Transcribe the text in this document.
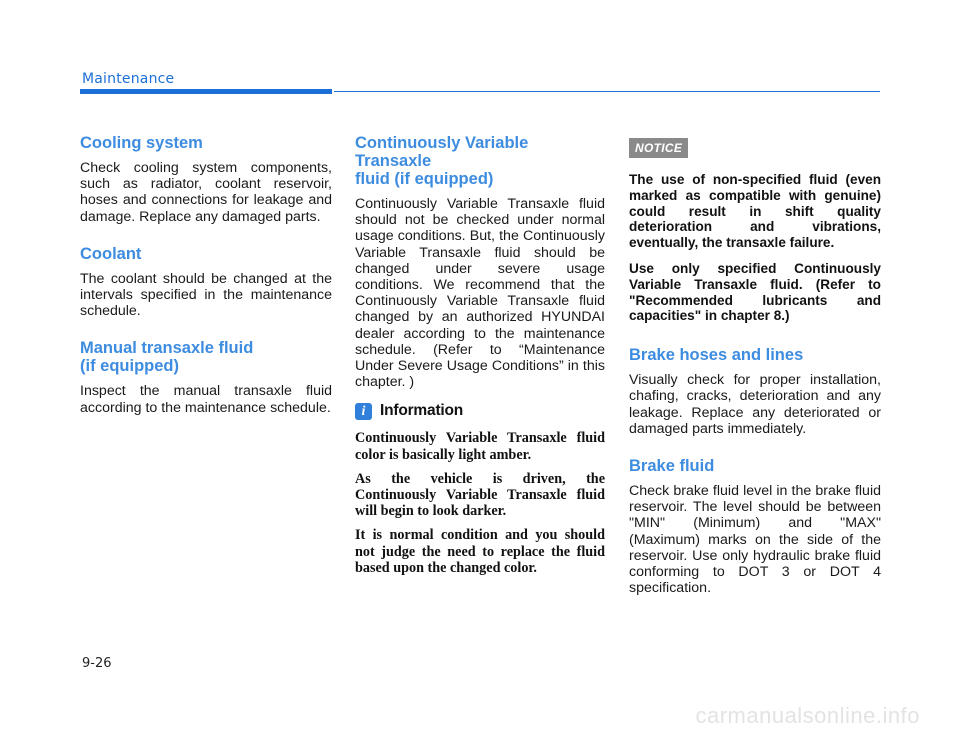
Maintenance
Cooling system

Check cooling system components, such as radiator, coolant reservoir, hoses and connections for leakage and damage. Replace any damaged parts.

Coolant

The coolant should be changed at the intervals specified in the maintenance schedule.

Manual transaxle fluid
(if equipped)

Inspect the manual transaxle fluid according to the maintenance schedule.

Continuously Variable Transaxle
fluid (if equipped)

Continuously Variable Transaxle fluid should not be checked under normal usage conditions. But, the Continuously Variable Transaxle fluid should be changed under severe usage conditions. We recommend that the Continuously Variable Transaxle fluid changed by an authorized HYUNDAI dealer according to the maintenance schedule. (Refer to “Maintenance Under Severe Usage Conditions” in this chapter. )

i Information

Continuously Variable Transaxle fluid color is basically light amber.

As the vehicle is driven, the Continuously Variable Transaxle fluid will begin to look darker.

It is normal condition and you should not judge the need to replace the fluid based upon the changed color.

NOTICE

The use of non-specified fluid (even marked as compatible with genuine) could result in shift quality deterioration and vibrations, eventually, the transaxle failure.

Use only specified Continuously Variable Transaxle fluid. (Refer to "Recommended lubricants and capacities" in chapter 8.)

Brake hoses and lines

Visually check for proper installation, chafing, cracks, deterioration and any leakage. Replace any deteriorated or damaged parts immediately.

Brake fluid

Check brake fluid level in the brake fluid reservoir. The level should be between "MIN" (Minimum) and "MAX" (Maximum) marks on the side of the reservoir. Use only hydraulic brake fluid conforming to DOT 3 or DOT 4 specification.

9-26
carmanualsonline.info
